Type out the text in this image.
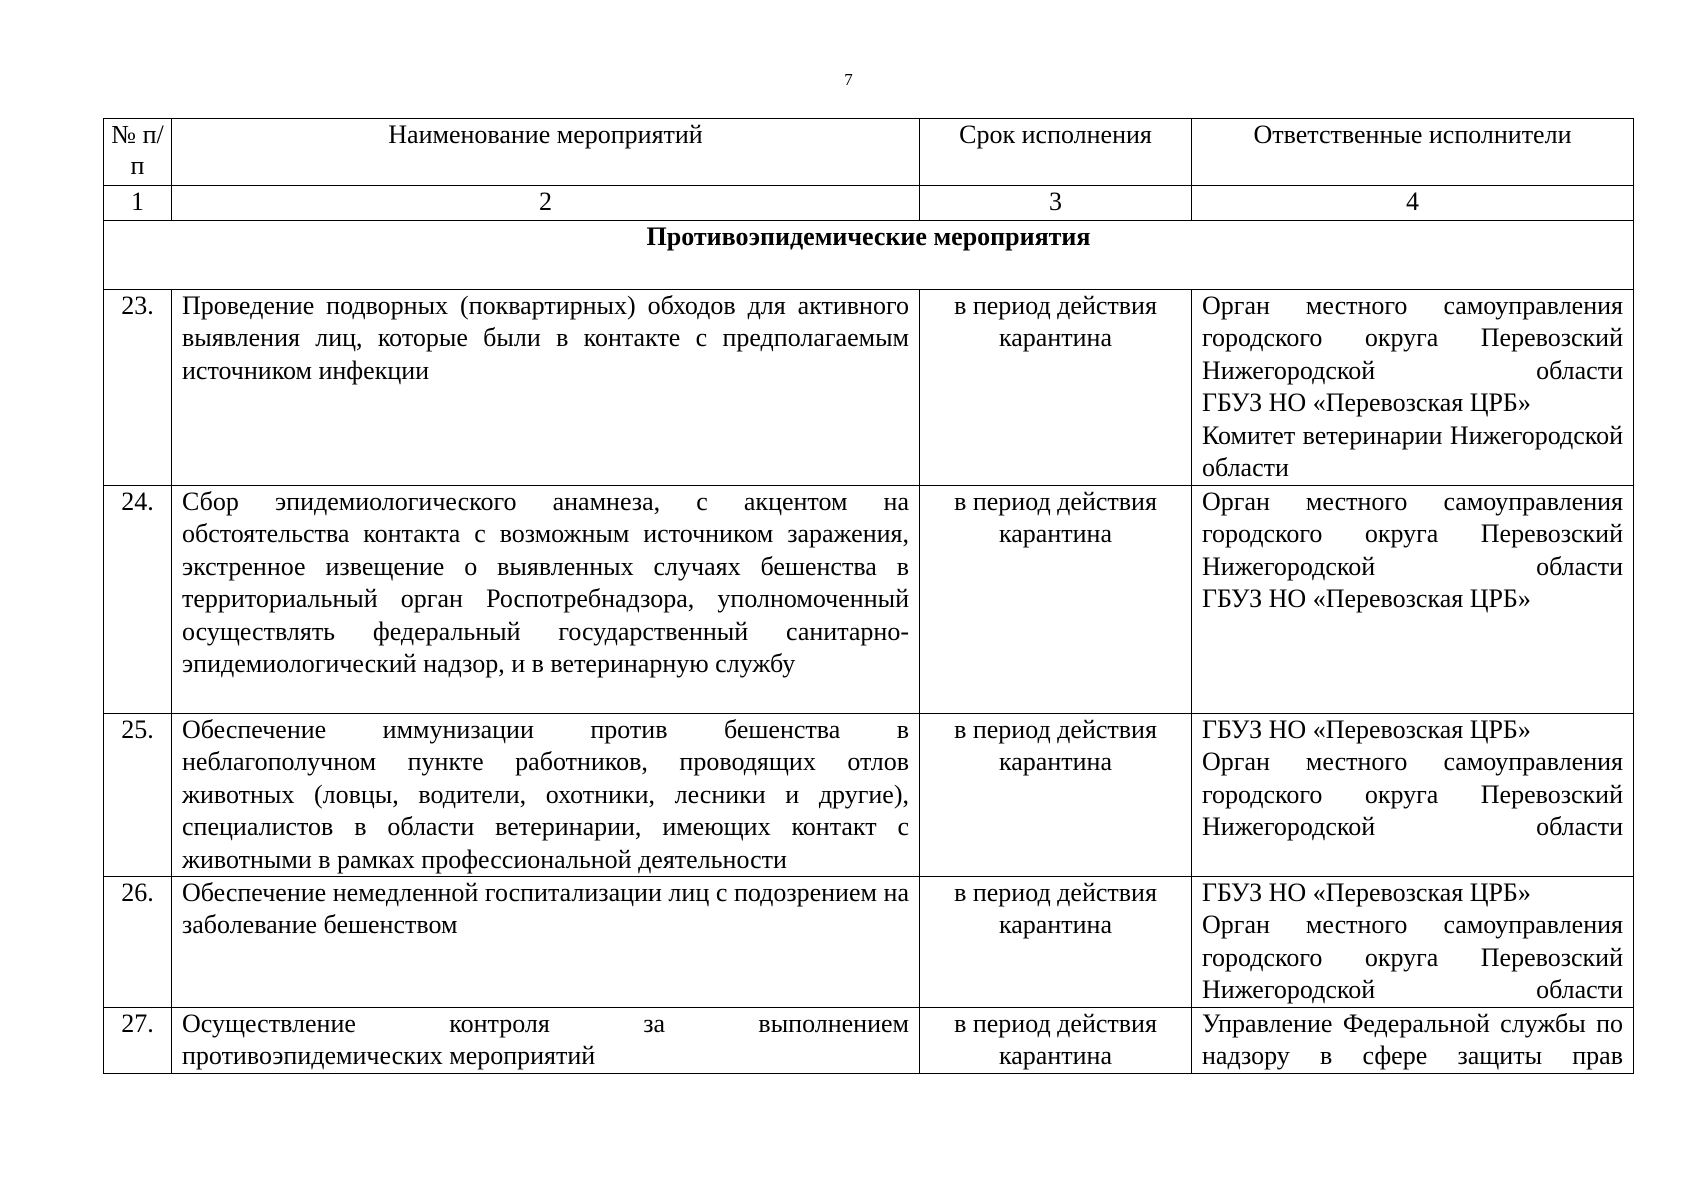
7
№ п/п	Наименование мероприятий	Срок исполнения	Ответственные исполнители
1	2	3	4
Противоэпидемические мероприятия			
23.	Проведение подворных (поквартирных) обходов для активного выявления лиц, которые были в контакте с предполагаемым источником инфекции	в период действия карантина	Орган местного самоуправления городского округа Перевозский Нижегородской области
ГБУЗ НО «Перевозская ЦРБ»
Комитет ветеринарии Нижегородской области

24.	Сбор эпидемиологического анамнеза, с акцентом на обстоятельства контакта с возможным источником заражения, экстренное извещение о выявленных случаях бешенства в территориальный орган Роспотребнадзора, уполномоченный осуществлять федеральный государственный санитарно-эпидемиологический надзор, и в ветеринарную службу	в период действия карантина	Орган местного самоуправления городского округа Перевозский Нижегородской области
ГБУЗ НО «Перевозская ЦРБ»

25.	Обеспечение иммунизации против бешенства в неблагополучном пункте работников, проводящих отлов животных (ловцы, водители, охотники, лесники и другие), специалистов в области ветеринарии, имеющих контакт с животными в рамках профессиональной деятельности	в период действия карантина	ГБУЗ НО «Перевозская ЦРБ»
Орган местного самоуправления городского округа Перевозский Нижегородской области

26.	Обеспечение немедленной госпитализации лиц с подозрением на заболевание бешенством	в период действия карантина	ГБУЗ НО «Перевозская ЦРБ»
Орган местного самоуправления городского округа Перевозский Нижегородской области

27.	Осуществление контроля за выполнением противоэпидемических мероприятий	в период действия карантина	Управление Федеральной службы по надзору в сфере защиты прав
